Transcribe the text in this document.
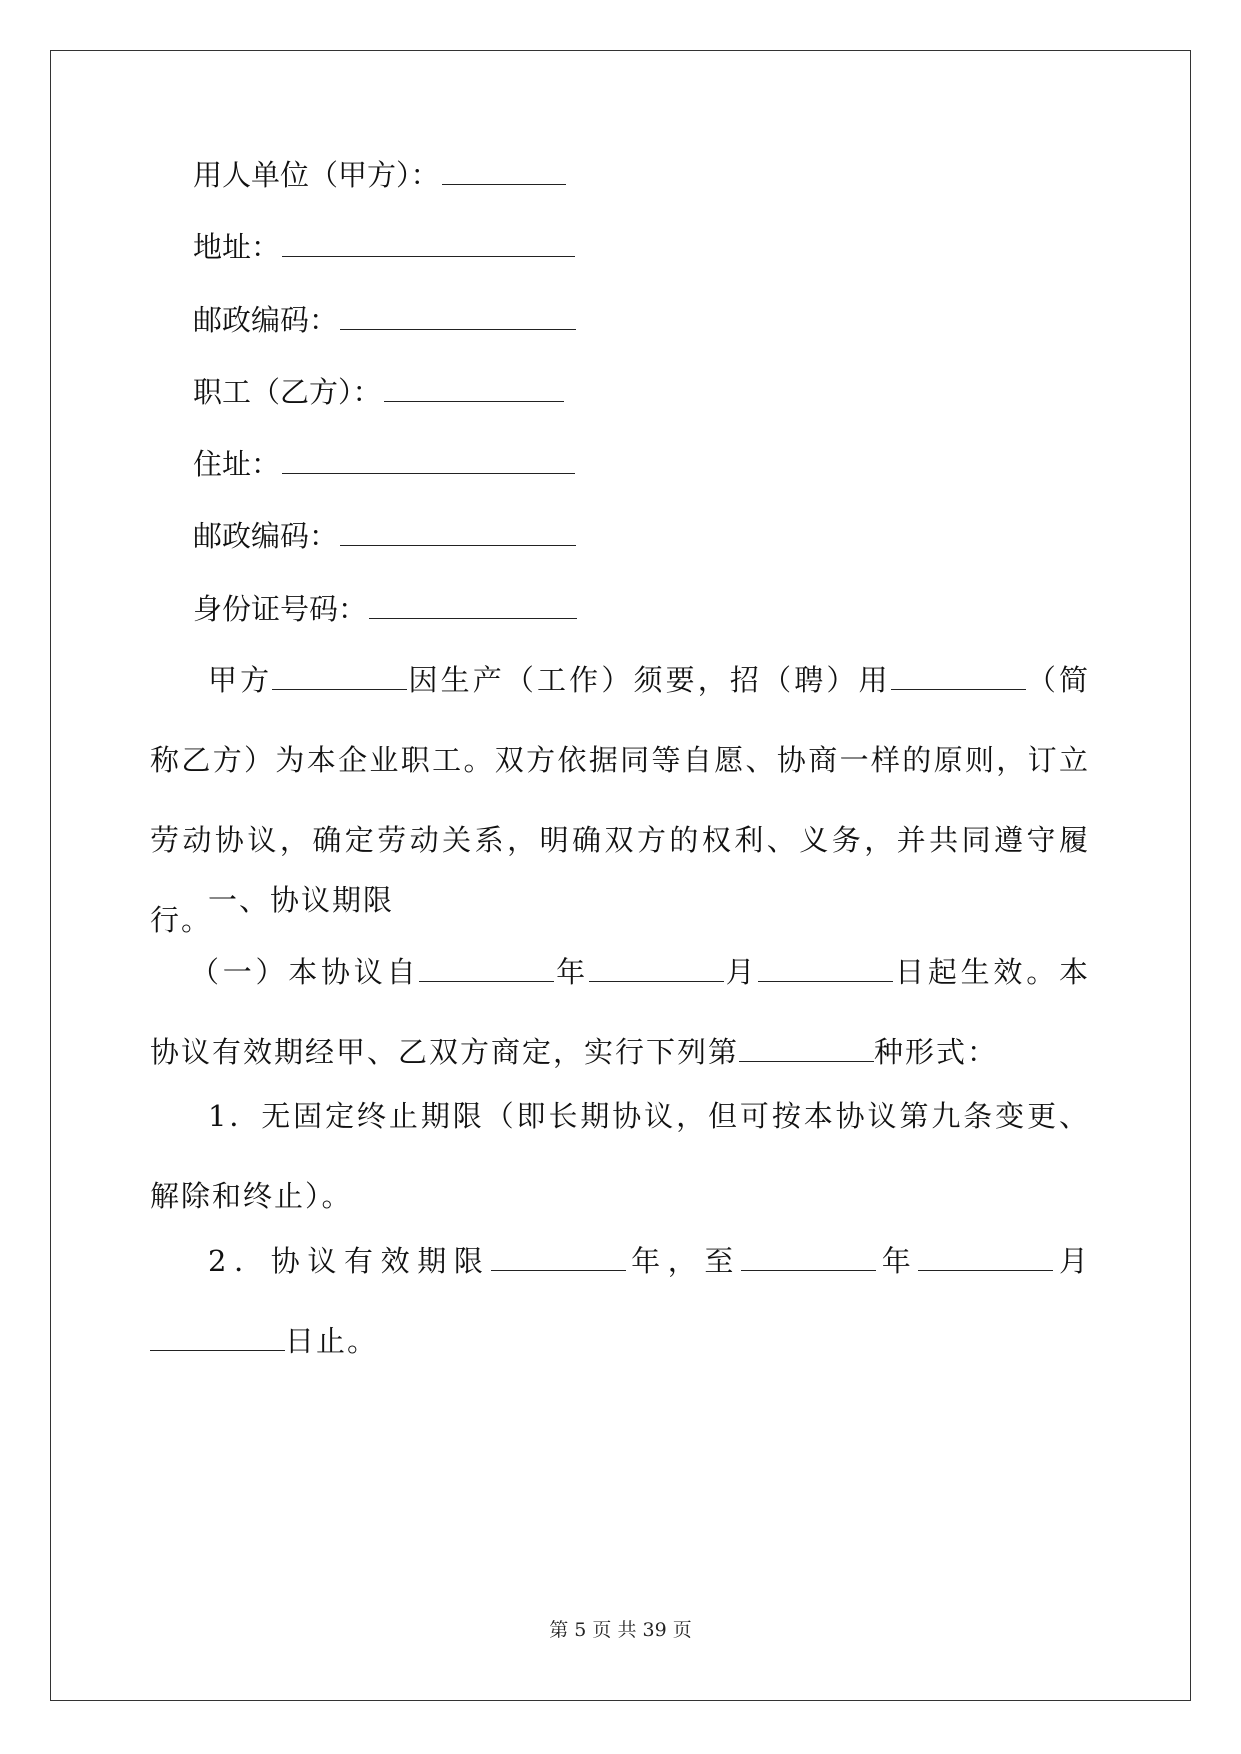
用人单位（甲方）：

地址：

邮政编码：

职工（乙方）：

住址：

邮政编码：

身份证号码：

甲方	因生产（工作）须要，招（聘）用	（简称乙方）为本企业职工。双方依据同等自愿、协商一样的原则，订立劳动协议，确定劳动关系，明确双方的权利、义务，并共同遵守履行。

一、协议期限

（一）本协议自	年	月	日起生效。本协议有效期经甲、乙双方商定，实行下列第	种形式：

1．无固定终止期限（即长期协议，但可按本协议第九条变更、解除和终止）。

2．协议有效期限	年，至	年	月日止。

第 5 页 共 39 页
